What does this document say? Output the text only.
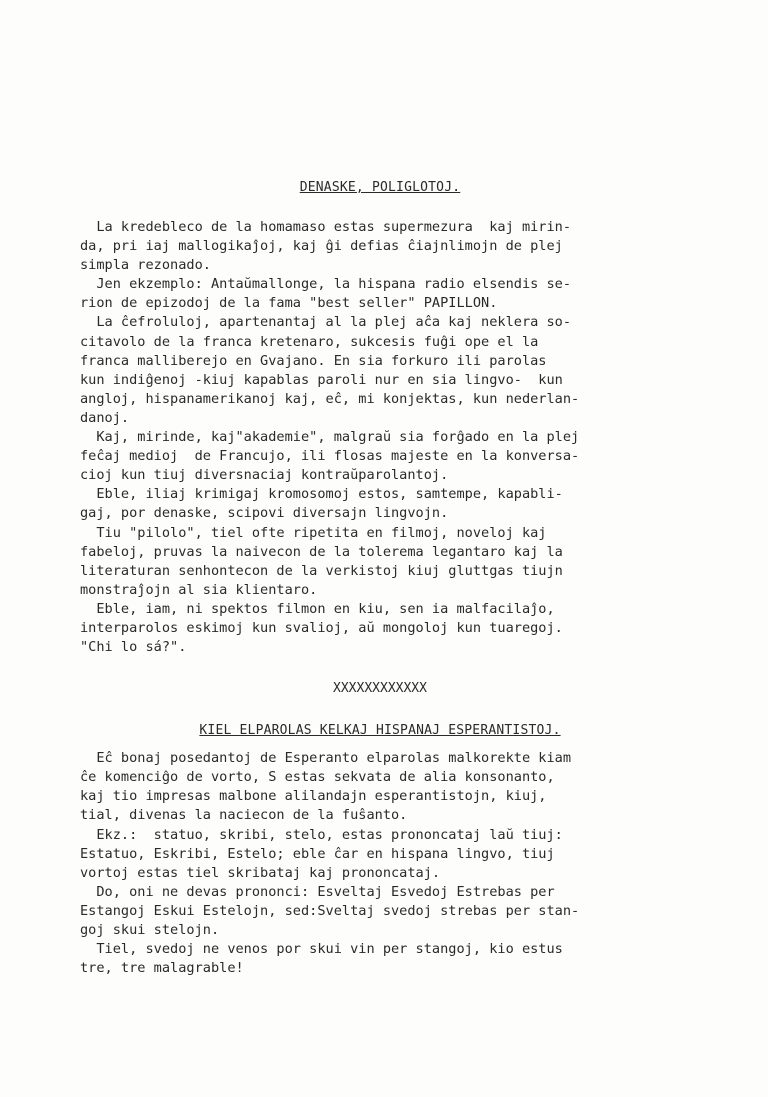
DENASKE, POLIGLOTOJ.

La kredebleco de la homamaso estas supermezura  kaj mirin-

da, pri iaj mallogikaĵoj, kaj ĝi defias ĉiajnlimojn de plej

simpla rezonado.

Jen ekzemplo: Antaŭmallonge, la hispana radio elsendis se-

rion de epizodoj de la fama "best seller" PAPILLON.

La ĉefroluloj, apartenantaj al la plej aĉa kaj neklera so-

citavolo de la franca kretenaro, sukcesis fuĝi ope el la

franca malliberejo en Gvajano. En sia forkuro ili parolas

kun indiĝenoj -kiuj kapablas paroli nur en sia lingvo-  kun

angloj, hispanamerikanoj kaj, eĉ, mi konjektas, kun nederlan-

danoj.

Kaj, mirinde, kaj"akademie", malgraŭ sia forĝado en la plej

feĉaj medioj  de Francujo, ili flosas majeste en la konversa-

cioj kun tiuj diversnaciaj kontraŭparolantoj.

Eble, iliaj krimigaj kromosomoj estos, samtempe, kapabli-

gaj, por denaske, scipovi diversajn lingvojn.

Tiu "pilolo", tiel ofte ripetita en filmoj, noveloj kaj

fabeloj, pruvas la naivecon de la tolerema legantaro kaj la

literaturan senhontecon de la verkistoj kiuj gluttgas tiujn

monstraĵojn al sia klientaro.

Eble, iam, ni spektos filmon en kiu, sen ia malfacilaĵo,

interparolos eskimoj kun svalioj, aŭ mongoloj kun tuaregoj.

"Chi lo sá?".

XXXXXXXXXXXX

KIEL ELPAROLAS KELKAJ HISPANAJ ESPERANTISTOJ.

Eĉ bonaj posedantoj de Esperanto elparolas malkorekte kiam

ĉe komenciĝo de vorto, S estas sekvata de alia konsonanto,

kaj tio impresas malbone alilandajn esperantistojn, kiuj,

tial, divenas la naciecon de la fuŝanto.

Ekz.:  statuo, skribi, stelo, estas prononcataj laŭ tiuj:

Estatuo, Eskribi, Estelo; eble ĉar en hispana lingvo, tiuj

vortoj estas tiel skribataj kaj prononcataj.

Do, oni ne devas prononci: Esveltaj Esvedoj Estrebas per

Estangoj Eskui Estelojn, sed:Sveltaj svedoj strebas per stan-

goj skui stelojn.

Tiel, svedoj ne venos por skui vin per stangoj, kio estus

tre, tre malagrable!
